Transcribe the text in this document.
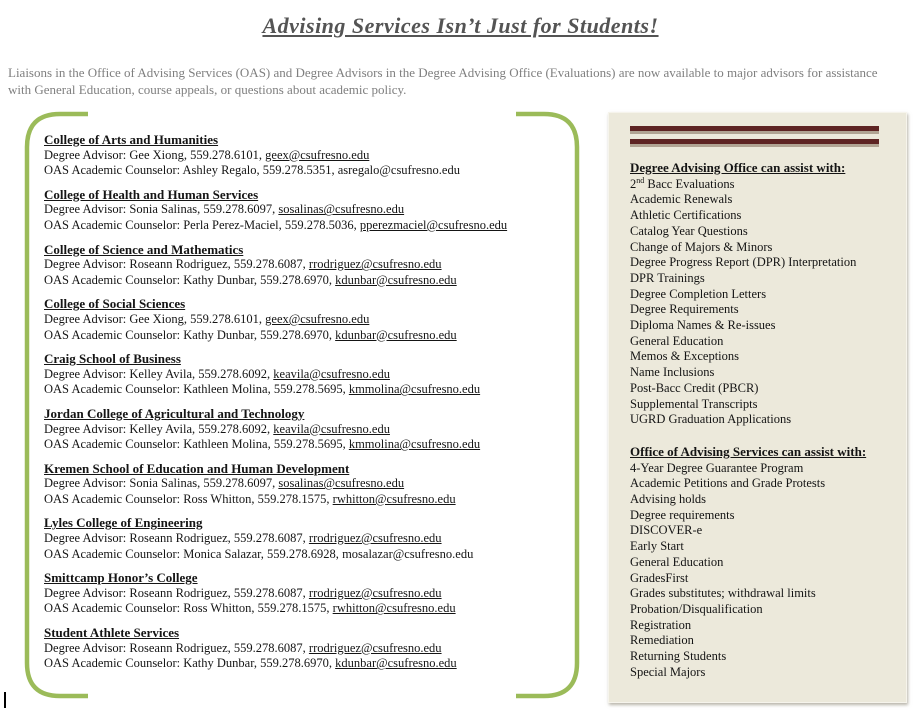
Advising Services Isn’t Just for Students!
Liaisons in the Office of Advising Services (OAS) and Degree Advisors in the Degree Advising Office (Evaluations) are now available to major advisors for assistance with General Education, course appeals, or questions about academic policy.
College of Arts and Humanities
Degree Advisor: Gee Xiong, 559.278.6101, geex@csufresno.edu
OAS Academic Counselor: Ashley Regalo, 559.278.5351, asregalo@csufresno.edu
College of Health and Human Services
Degree Advisor: Sonia Salinas, 559.278.6097, sosalinas@csufresno.edu
OAS Academic Counselor: Perla Perez-Maciel, 559.278.5036, pperezmaciel@csufresno.edu
College of Science and Mathematics
Degree Advisor: Roseann Rodriguez, 559.278.6087, rrodriguez@csufresno.edu
OAS Academic Counselor: Kathy Dunbar, 559.278.6970, kdunbar@csufresno.edu
College of Social Sciences
Degree Advisor: Gee Xiong, 559.278.6101, geex@csufresno.edu
OAS Academic Counselor: Kathy Dunbar, 559.278.6970, kdunbar@csufresno.edu
Craig School of Business
Degree Advisor: Kelley Avila, 559.278.6092, keavila@csufresno.edu
OAS Academic Counselor: Kathleen Molina, 559.278.5695, kmmolina@csufresno.edu
Jordan College of Agricultural and Technology
Degree Advisor: Kelley Avila, 559.278.6092, keavila@csufresno.edu
OAS Academic Counselor: Kathleen Molina, 559.278.5695, kmmolina@csufresno.edu
Kremen School of Education and Human Development
Degree Advisor: Sonia Salinas, 559.278.6097, sosalinas@csufresno.edu
OAS Academic Counselor: Ross Whitton, 559.278.1575, rwhitton@csufresno.edu
Lyles College of Engineering
Degree Advisor: Roseann Rodriguez, 559.278.6087, rrodriguez@csufresno.edu
OAS Academic Counselor: Monica Salazar, 559.278.6928, mosalazar@csufresno.edu
Smittcamp Honor’s College
Degree Advisor: Roseann Rodriguez, 559.278.6087, rrodriguez@csufresno.edu
OAS Academic Counselor: Ross Whitton, 559.278.1575, rwhitton@csufresno.edu
Student Athlete Services
Degree Advisor: Roseann Rodriguez, 559.278.6087, rrodriguez@csufresno.edu
OAS Academic Counselor: Kathy Dunbar, 559.278.6970, kdunbar@csufresno.edu
Degree Advising Office can assist with:
2nd Bacc Evaluations
Academic Renewals
Athletic Certifications
Catalog Year Questions
Change of Majors & Minors
Degree Progress Report (DPR) Interpretation
DPR Trainings
Degree Completion Letters
Degree Requirements
Diploma Names & Re-issues
General Education
Memos & Exceptions
Name Inclusions
Post-Bacc Credit (PBCR)
Supplemental Transcripts
UGRD Graduation Applications
Office of Advising Services can assist with:
4-Year Degree Guarantee Program
Academic Petitions and Grade Protests
Advising holds
Degree requirements
DISCOVER-e
Early Start
General Education
GradesFirst
Grades substitutes; withdrawal limits
Probation/Disqualification
Registration
Remediation
Returning Students
Special Majors
